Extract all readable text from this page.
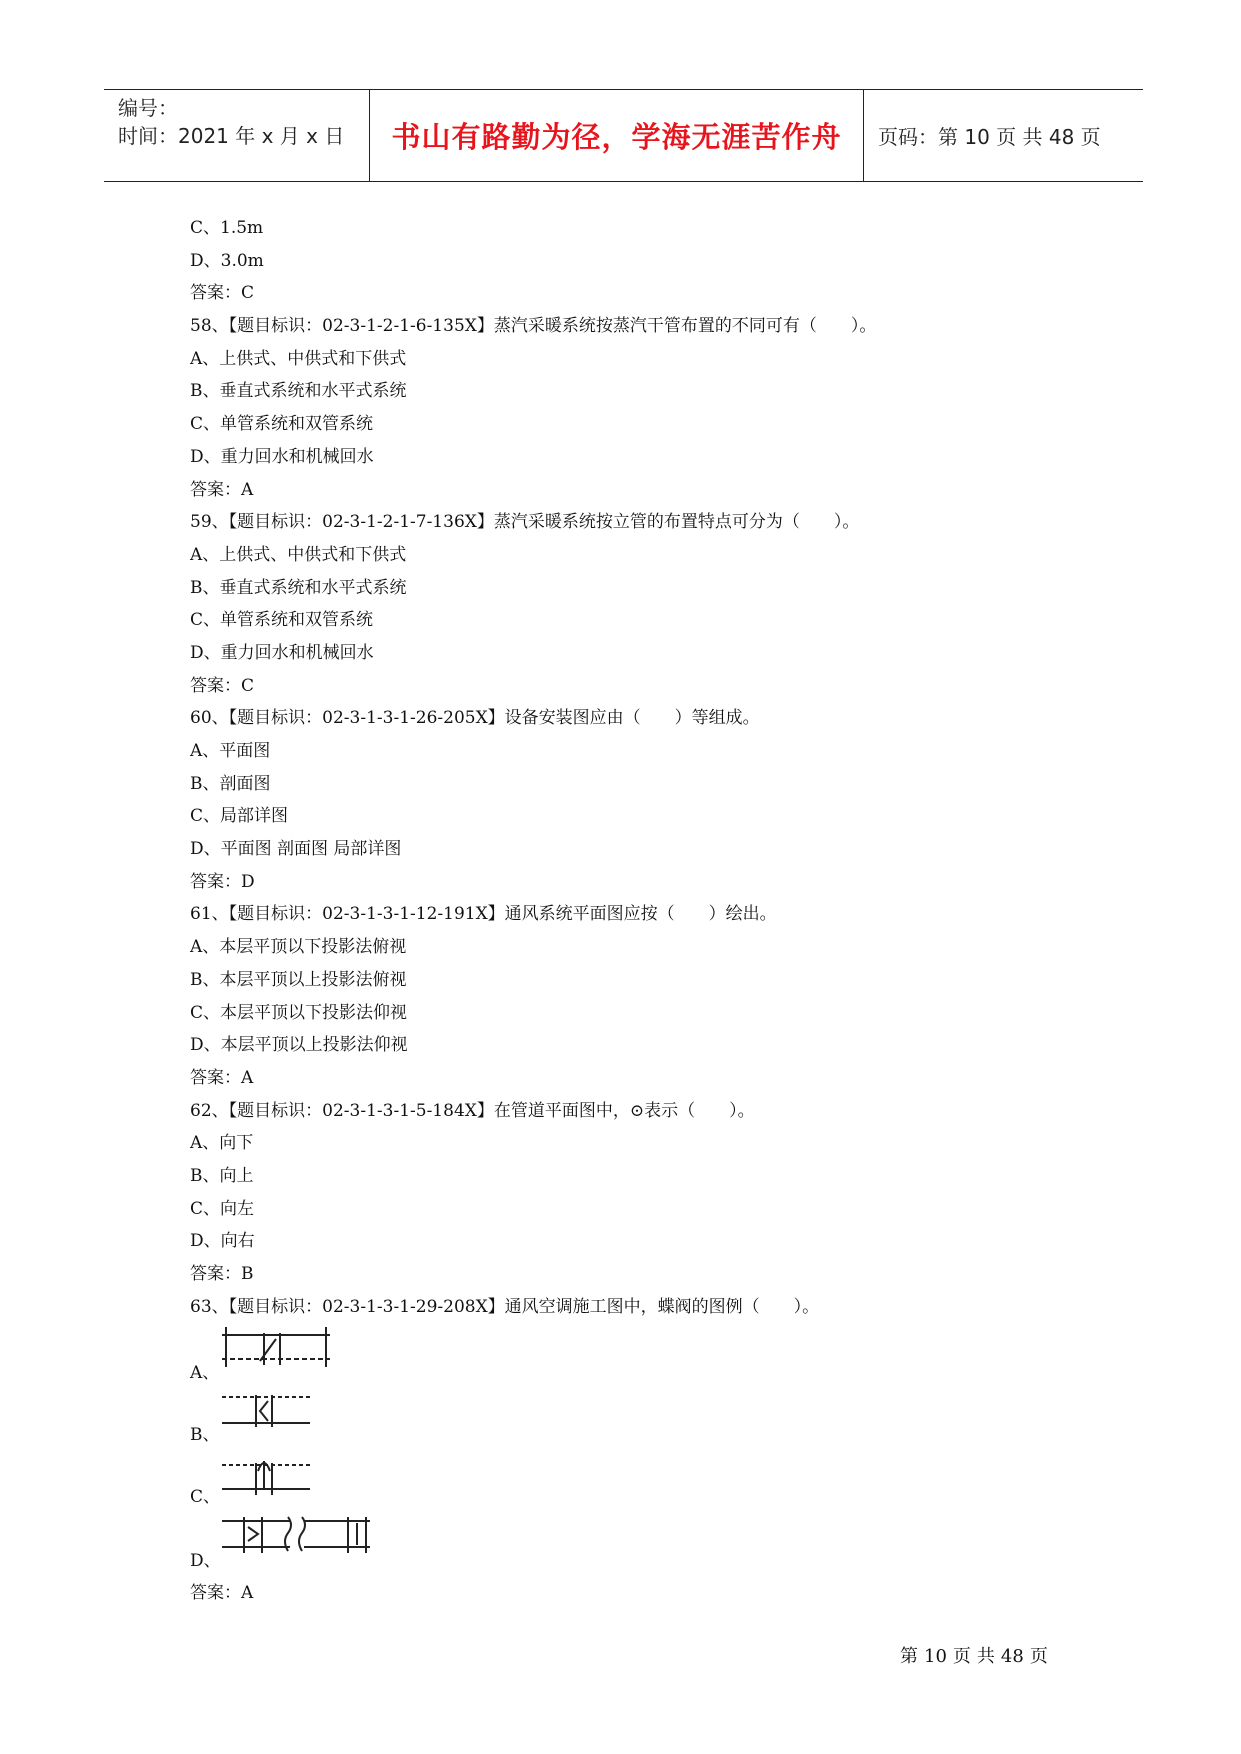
编号：
时间：2021 年 x 月 x 日 书山有路勤为径，学海无涯苦作舟 页码：第 10 页 共 48 页
C、1.5m
D、3.0m
答案：C
58、【题目标识：02-3-1-2-1-6-135X】蒸汽采暖系统按蒸汽干管布置的不同可有（　　）。
A、上供式、中供式和下供式
B、垂直式系统和水平式系统
C、单管系统和双管系统
D、重力回水和机械回水
答案：A
59、【题目标识：02-3-1-2-1-7-136X】蒸汽采暖系统按立管的布置特点可分为（　　）。
A、上供式、中供式和下供式
B、垂直式系统和水平式系统
C、单管系统和双管系统
D、重力回水和机械回水
答案：C
60、【题目标识：02-3-1-3-1-26-205X】设备安装图应由（　　）等组成。
A、平面图
B、剖面图
C、局部详图
D、平面图 剖面图 局部详图
答案：D
61、【题目标识：02-3-1-3-1-12-191X】通风系统平面图应按（　　）绘出。
A、本层平顶以下投影法俯视
B、本层平顶以上投影法俯视
C、本层平顶以下投影法仰视
D、本层平顶以上投影法仰视
答案：A
62、【题目标识：02-3-1-3-1-5-184X】在管道平面图中，⊙表示（　　）。
A、向下
B、向上
C、向左
D、向右
答案：B
63、【题目标识：02-3-1-3-1-29-208X】通风空调施工图中，蝶阀的图例（　　）。
A、
B、
C、
D、
答案：A
第 10 页 共 48 页
